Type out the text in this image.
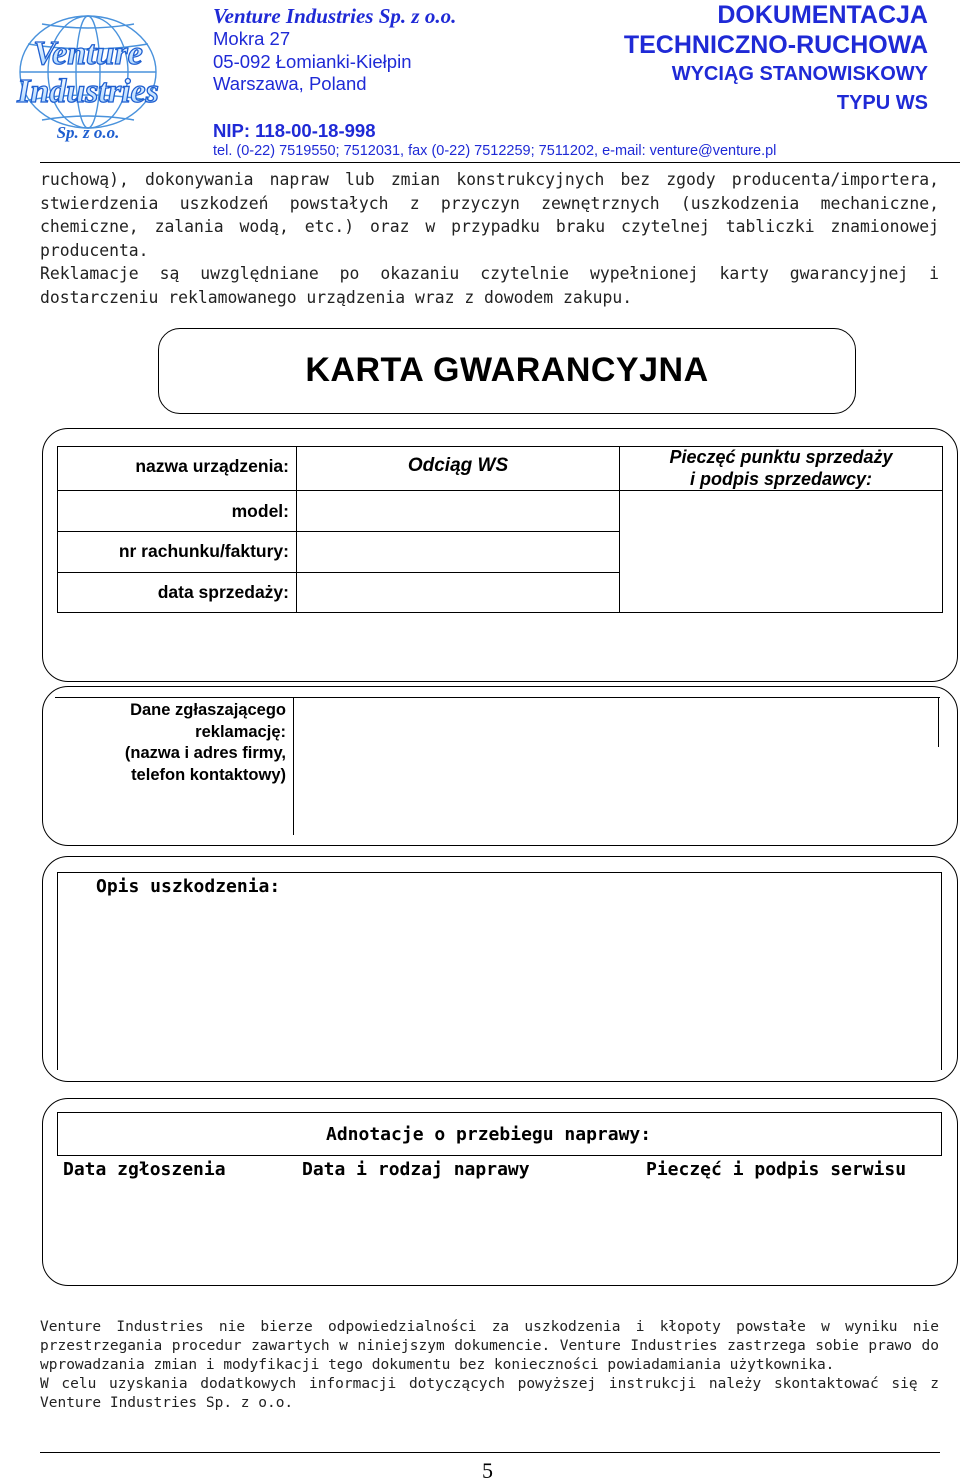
Venture
Industries
Sp. z o.o.
Venture Industries Sp. z o.o.
Mokra 27
05-092 Łomianki-Kiełpin
Warszawa, Poland
NIP: 118-00-18-998
tel. (0-22) 7519550; 7512031, fax (0-22) 7512259; 7511202, e-mail: venture@venture.pl
DOKUMENTACJA
TECHNICZNO-RUCHOWA
WYCIĄG STANOWISKOWY
TYPU WS

ruchową), dokonywania napraw lub zmian konstrukcyjnych bez zgody producenta/importera, stwierdzenia uszkodzeń powstałych z przyczyn zewnętrznych (uszkodzenia mechaniczne, chemiczne, zalania wodą, etc.) oraz w przypadku braku czytelnej tabliczki znamionowej producenta.

Reklamacje są uwzględniane po okazaniu czytelnie wypełnionej karty gwarancyjnej i dostarczeniu reklamowanego urządzenia wraz z dowodem zakupu.

KARTA GWARANCYJNA
nazwa urządzenia:	Odciąg WS	Pieczęć punktu sprzedaży
i podpis sprzedawcy:
model:
nr rachunku/faktury:
data sprzedaży:
Dane zgłaszającego
reklamację:
(nazwa i adres firmy,
telefon kontaktowy)
Opis uszkodzenia:
Adnotacje o przebiegu naprawy:
Data zgłoszenia	Data i rodzaj naprawy	Pieczęć i podpis serwisu

Venture Industries nie bierze odpowiedzialności za uszkodzenia i kłopoty powstałe w wyniku nie przestrzegania procedur zawartych w niniejszym dokumencie. Venture Industries zastrzega sobie prawo do wprowadzania zmian i modyfikacji tego dokumentu bez konieczności powiadamiania użytkownika.

W celu uzyskania dodatkowych informacji dotyczących powyższej instrukcji należy skontaktować się z Venture Industries Sp. z o.o.

5
